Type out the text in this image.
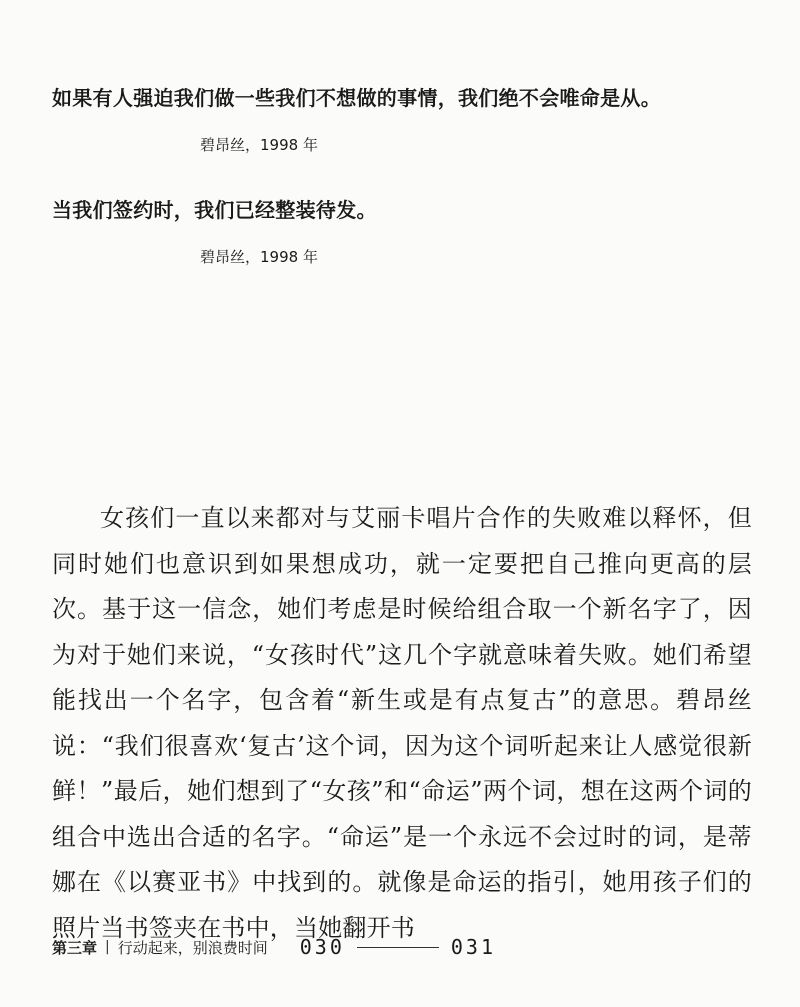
如果有人强迫我们做一些我们不想做的事情，我们绝不会唯命是从。
碧昂丝，1998 年
当我们签约时，我们已经整装待发。
碧昂丝，1998 年

女孩们一直以来都对与艾丽卡唱片合作的失败难以释怀，但同时她们也意识到如果想成功，就一定要把自己推向更高的层次。基于这一信念，她们考虑是时候给组合取一个新名字了，因为对于她们来说，“女孩时代”这几个字就意味着失败。她们希望能找出一个名字，包含着“新生或是有点复古”的意思。碧昂丝说：“我们很喜欢‘复古’这个词，因为这个词听起来让人感觉很新鲜！”最后，她们想到了“女孩”和“命运”两个词，想在这两个词的组合中选出合适的名字。“命运”是一个永远不会过时的词，是蒂娜在《以赛亚书》中找到的。就像是命运的指引，她用孩子们的照片当书签夹在书中，当她翻开书

第三章 | 行动起来，别浪费时间 030	031
